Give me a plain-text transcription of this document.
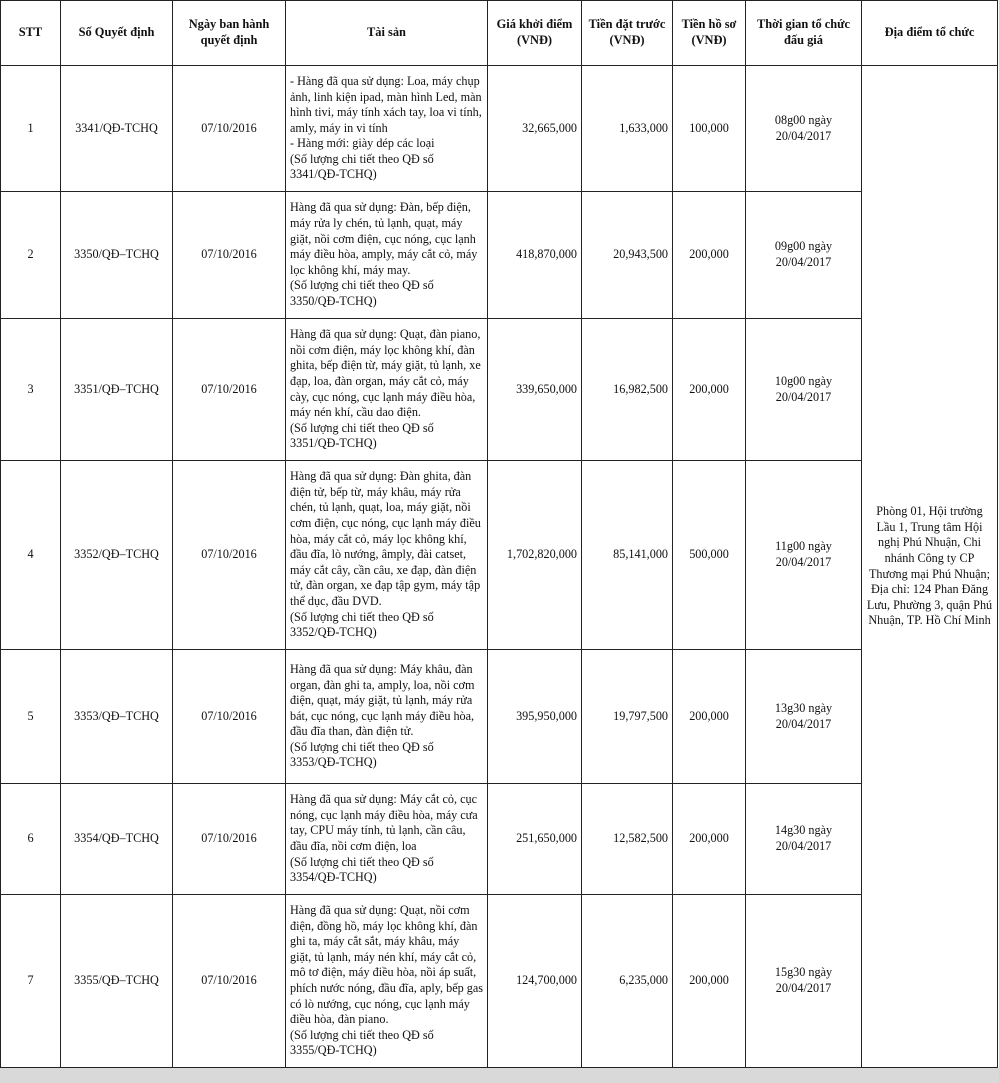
STT	Số Quyết định	Ngày ban hành quyết định	Tài sản	Giá khởi điểm (VNĐ)	Tiền đặt trước (VNĐ)	Tiền hồ sơ (VNĐ)	Thời gian tổ chức đấu giá	Địa điểm tổ chức
1	3341/QĐ-TCHQ	07/10/2016	- Hàng đã qua sử dụng: Loa, máy chụp ảnh, linh kiện ipad, màn hình Led, màn hình tivi, máy tính xách tay, loa vi tính, amly, máy in vi tính
- Hàng mới: giày dép các loại
(Số lượng chi tiết theo QĐ số 3341/QĐ-TCHQ)	32,665,000	1,633,000	100,000	08g00 ngày 20/04/2017	Phòng 01, Hội trường Lầu 1, Trung tâm Hội nghị Phú Nhuận, Chi nhánh Công ty CP Thương mại Phú Nhuận; Địa chỉ: 124 Phan Đăng Lưu, Phường 3, quận Phú Nhuận, TP. Hồ Chí Minh
2	3350/QĐ–TCHQ	07/10/2016	Hàng đã qua sử dụng: Đàn, bếp điện, máy rửa ly chén, tủ lạnh, quạt, máy giặt, nồi cơm điện, cục nóng, cục lạnh máy điều hòa, amply, máy cắt cỏ, máy lọc không khí, máy may.
(Số lượng chi tiết theo QĐ số 3350/QĐ-TCHQ)	418,870,000	20,943,500	200,000	09g00 ngày 20/04/2017	
3	3351/QĐ–TCHQ	07/10/2016	Hàng đã qua sử dụng: Quạt, đàn piano, nồi cơm điện, máy lọc không khí, đàn ghita, bếp điện từ, máy giặt, tủ lạnh, xe đạp, loa, đàn organ, máy cắt cỏ, máy cày, cục nóng, cục lạnh máy điều hòa, máy nén khí, cầu dao điện.
(Số lượng chi tiết theo QĐ số 3351/QĐ-TCHQ)	339,650,000	16,982,500	200,000	10g00 ngày 20/04/2017	
4	3352/QĐ–TCHQ	07/10/2016	Hàng đã qua sử dụng: Đàn ghita, đàn điện tử, bếp từ, máy khâu, máy rửa chén, tủ lạnh, quạt, loa, máy giặt, nồi cơm điện, cục nóng, cục lạnh máy điều hòa, máy cắt cỏ, máy lọc không khí, đầu đĩa, lò nướng, âmply, đài catset, máy cắt cây, cần câu, xe đạp, đàn điện tử, đàn organ, xe đạp tập gym, máy tập thể dục, đầu DVD.
(Số lượng chi tiết theo QĐ số 3352/QĐ-TCHQ)	1,702,820,000	85,141,000	500,000	11g00 ngày 20/04/2017	
5	3353/QĐ–TCHQ	07/10/2016	Hàng đã qua sử dụng: Máy khâu, đàn organ, đàn ghi ta, amply, loa, nồi cơm điện, quạt, máy giặt, tủ lạnh, máy rửa bát, cục nóng, cục lạnh máy điều hòa, đầu đĩa than, đàn điện tử.
(Số lượng chi tiết theo QĐ số 3353/QĐ-TCHQ)	395,950,000	19,797,500	200,000	13g30 ngày 20/04/2017	
6	3354/QĐ–TCHQ	07/10/2016	Hàng đã qua sử dụng: Máy cắt cỏ, cục nóng, cục lạnh máy điều hòa, máy cưa tay, CPU máy tính, tủ lạnh, cần câu, đầu đĩa, nồi cơm điện, loa
(Số lượng chi tiết theo QĐ số 3354/QĐ-TCHQ)	251,650,000	12,582,500	200,000	14g30 ngày 20/04/2017	
7	3355/QĐ–TCHQ	07/10/2016	Hàng đã qua sử dụng: Quạt, nồi cơm điện, đồng hồ, máy lọc không khí, đàn ghi ta, máy cắt sắt, máy khâu, máy giặt, tủ lạnh, máy nén khí, máy cắt cỏ, mô tơ điện, máy điều hòa, nồi áp suất, phích nước nóng, đầu đĩa, aply, bếp gas có lò nướng, cục nóng, cục lạnh máy điều hòa, đàn piano.
(Số lượng chi tiết theo QĐ số 3355/QĐ-TCHQ)	124,700,000	6,235,000	200,000	15g30 ngày 20/04/2017	
